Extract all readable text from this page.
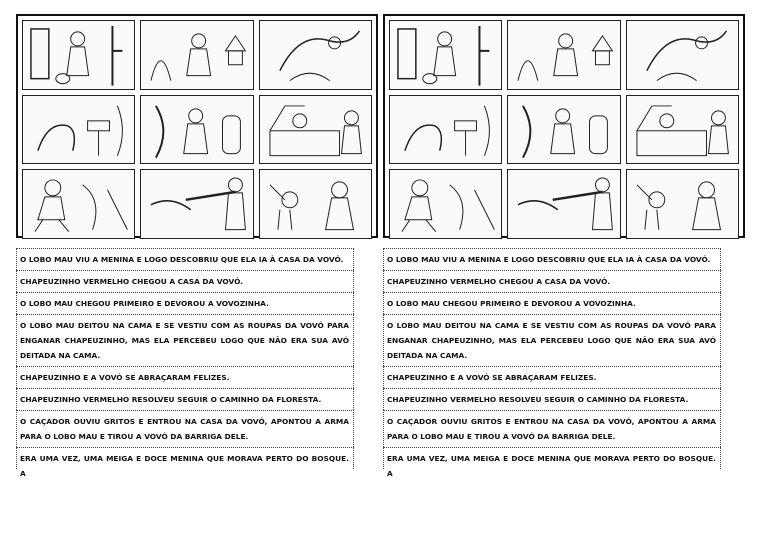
O LOBO MAU VIU A MENINA E LOGO DESCOBRIU QUE ELA IA À CASA DA VOVÓ.
CHAPEUZINHO VERMELHO CHEGOU A CASA DA VOVÓ.
O LOBO MAU CHEGOU PRIMEIRO E DEVOROU A VOVOZINHA.
O LOBO MAU DEITOU NA CAMA E SE VESTIU COM AS ROUPAS DA VOVÓ PARA ENGANAR CHAPEUZINHO, MAS ELA PERCEBEU LOGO QUE NÃO ERA SUA AVÓ DEITADA NA CAMA.
CHAPEUZINHO E A VOVÓ SE ABRAÇARAM FELIZES.
CHAPEUZINHO VERMELHO RESOLVEU SEGUIR O CAMINHO DA FLORESTA.
O CAÇADOR OUVIU GRITOS E ENTROU NA CASA DA VOVÓ, APONTOU A ARMA PARA O LOBO MAU E TIROU A VOVÓ DA BARRIGA DELE.
ERA UMA VEZ, UMA MEIGA E DOCE MENINA QUE MORAVA PERTO DO BOSQUE. A
O LOBO MAU VIU A MENINA E LOGO DESCOBRIU QUE ELA IA À CASA DA VOVÓ.
CHAPEUZINHO VERMELHO CHEGOU A CASA DA VOVÓ.
O LOBO MAU CHEGOU PRIMEIRO E DEVOROU A VOVOZINHA.
O LOBO MAU DEITOU NA CAMA E SE VESTIU COM AS ROUPAS DA VOVÓ PARA ENGANAR CHAPEUZINHO, MAS ELA PERCEBEU LOGO QUE NÃO ERA SUA AVÓ DEITADA NA CAMA.
CHAPEUZINHO E A VOVÓ SE ABRAÇARAM FELIZES.
CHAPEUZINHO VERMELHO RESOLVEU SEGUIR O CAMINHO DA FLORESTA.
O CAÇADOR OUVIU GRITOS E ENTROU NA CASA DA VOVÓ, APONTOU A ARMA PARA O LOBO MAU E TIROU A VOVÓ DA BARRIGA DELE.
ERA UMA VEZ, UMA MEIGA E DOCE MENINA QUE MORAVA PERTO DO BOSQUE. A
